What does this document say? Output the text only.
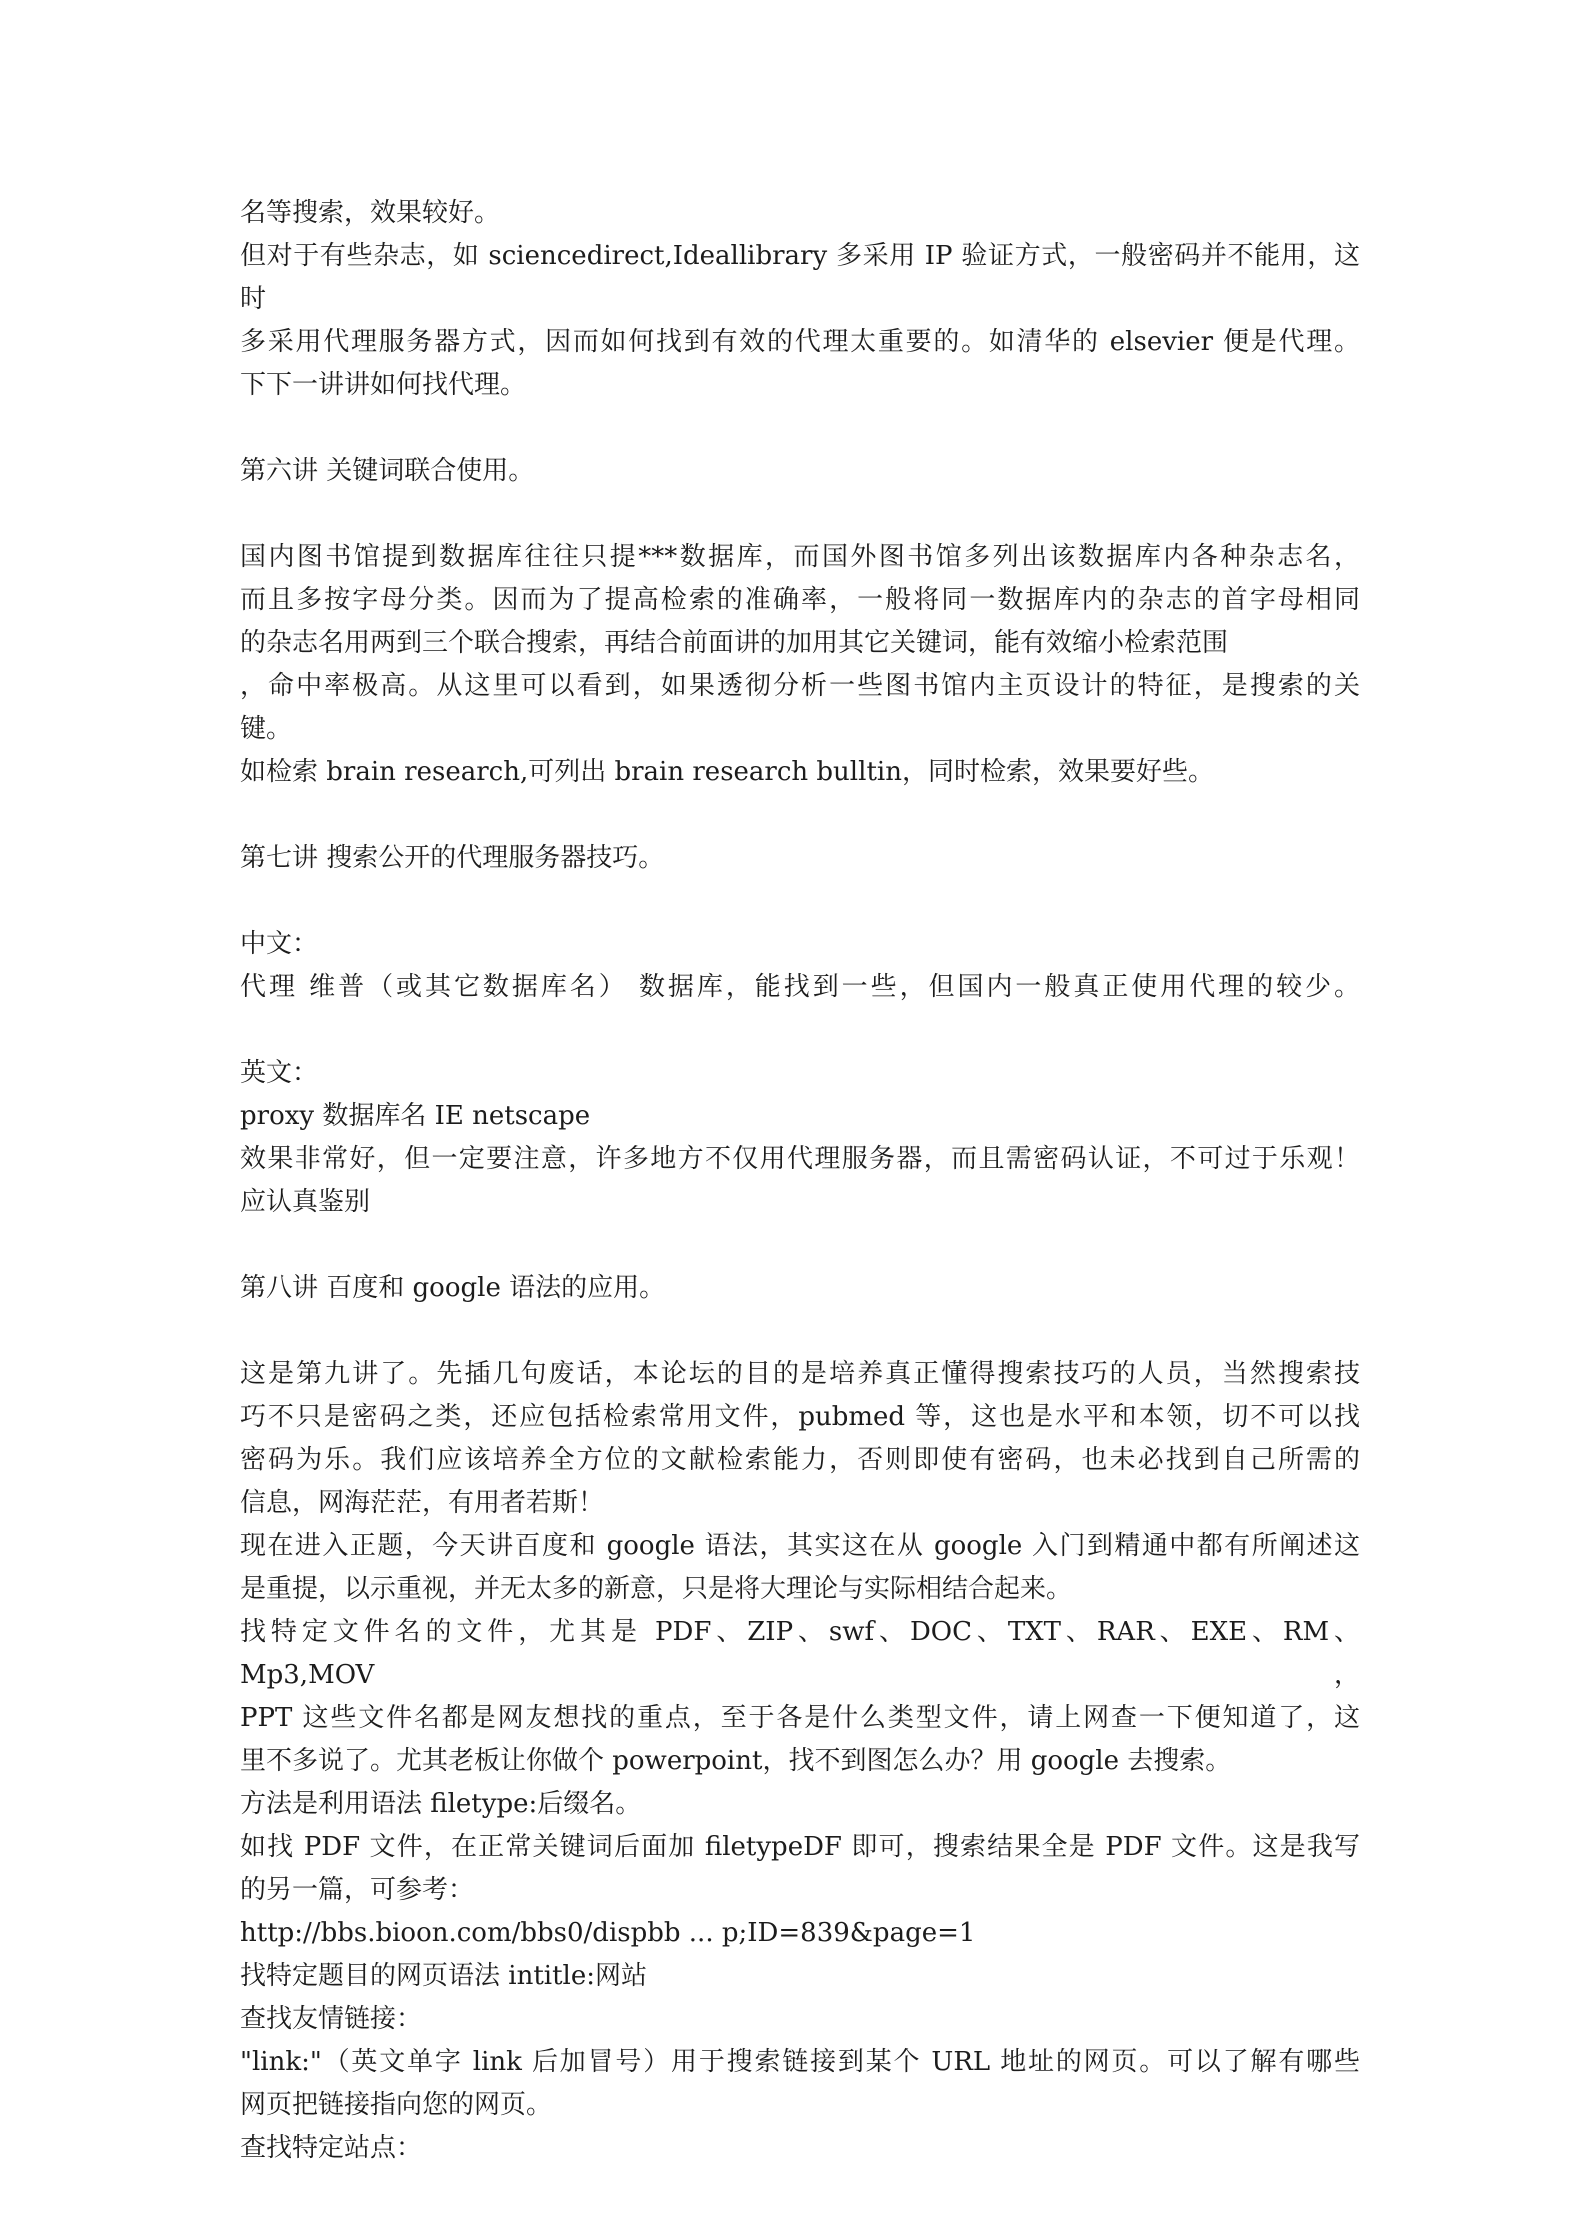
名等搜索，效果较好。
但对于有些杂志，如 sciencedirect,Ideallibrary 多采用 IP 验证方式，一般密码并不能用，这时
多采用代理服务器方式，因而如何找到有效的代理太重要的。如清华的 elsevier 便是代理。
下下一讲讲如何找代理。
第六讲 关键词联合使用。
国内图书馆提到数据库往往只提***数据库，而国外图书馆多列出该数据库内各种杂志名，
而且多按字母分类。因而为了提高检索的准确率，一般将同一数据库内的杂志的首字母相同
的杂志名用两到三个联合搜索，再结合前面讲的加用其它关键词，能有效缩小检索范围
，命中率极高。从这里可以看到，如果透彻分析一些图书馆内主页设计的特征，是搜索的关
键。
如检索 brain research,可列出 brain research bulltin，同时检索，效果要好些。
第七讲 搜索公开的代理服务器技巧。
中文：
代理 维普（或其它数据库名） 数据库，能找到一些，但国内一般真正使用代理的较少。
英文：
proxy 数据库名 IE netscape
效果非常好，但一定要注意，许多地方不仅用代理服务器，而且需密码认证，不可过于乐观！
应认真鉴别
第八讲 百度和 google 语法的应用。
这是第九讲了。先插几句废话，本论坛的目的是培养真正懂得搜索技巧的人员，当然搜索技
巧不只是密码之类，还应包括检索常用文件，pubmed 等，这也是水平和本领，切不可以找
密码为乐。我们应该培养全方位的文献检索能力，否则即使有密码，也未必找到自己所需的
信息，网海茫茫，有用者若斯！
现在进入正题，今天讲百度和 google 语法，其实这在从 google 入门到精通中都有所阐述这
是重提，以示重视，并无太多的新意，只是将大理论与实际相结合起来。
找特定文件名的文件，尤其是 PDF、ZIP、swf、DOC、TXT、RAR、EXE、RM、Mp3,MOV，
PPT 这些文件名都是网友想找的重点，至于各是什么类型文件，请上网查一下便知道了，这
里不多说了。尤其老板让你做个 powerpoint，找不到图怎么办？用 google 去搜索。
方法是利用语法 filetype:后缀名。
如找 PDF 文件，在正常关键词后面加 filetypeDF 即可，搜索结果全是 PDF 文件。这是我写
的另一篇，可参考：
http://bbs.bioon.com/bbs0/dispbb ... p;ID=839&page=1
找特定题目的网页语法 intitle:网站
查找友情链接：
"link:"（英文单字 link 后加冒号）用于搜索链接到某个 URL 地址的网页。可以了解有哪些
网页把链接指向您的网页。
查找特定站点：
